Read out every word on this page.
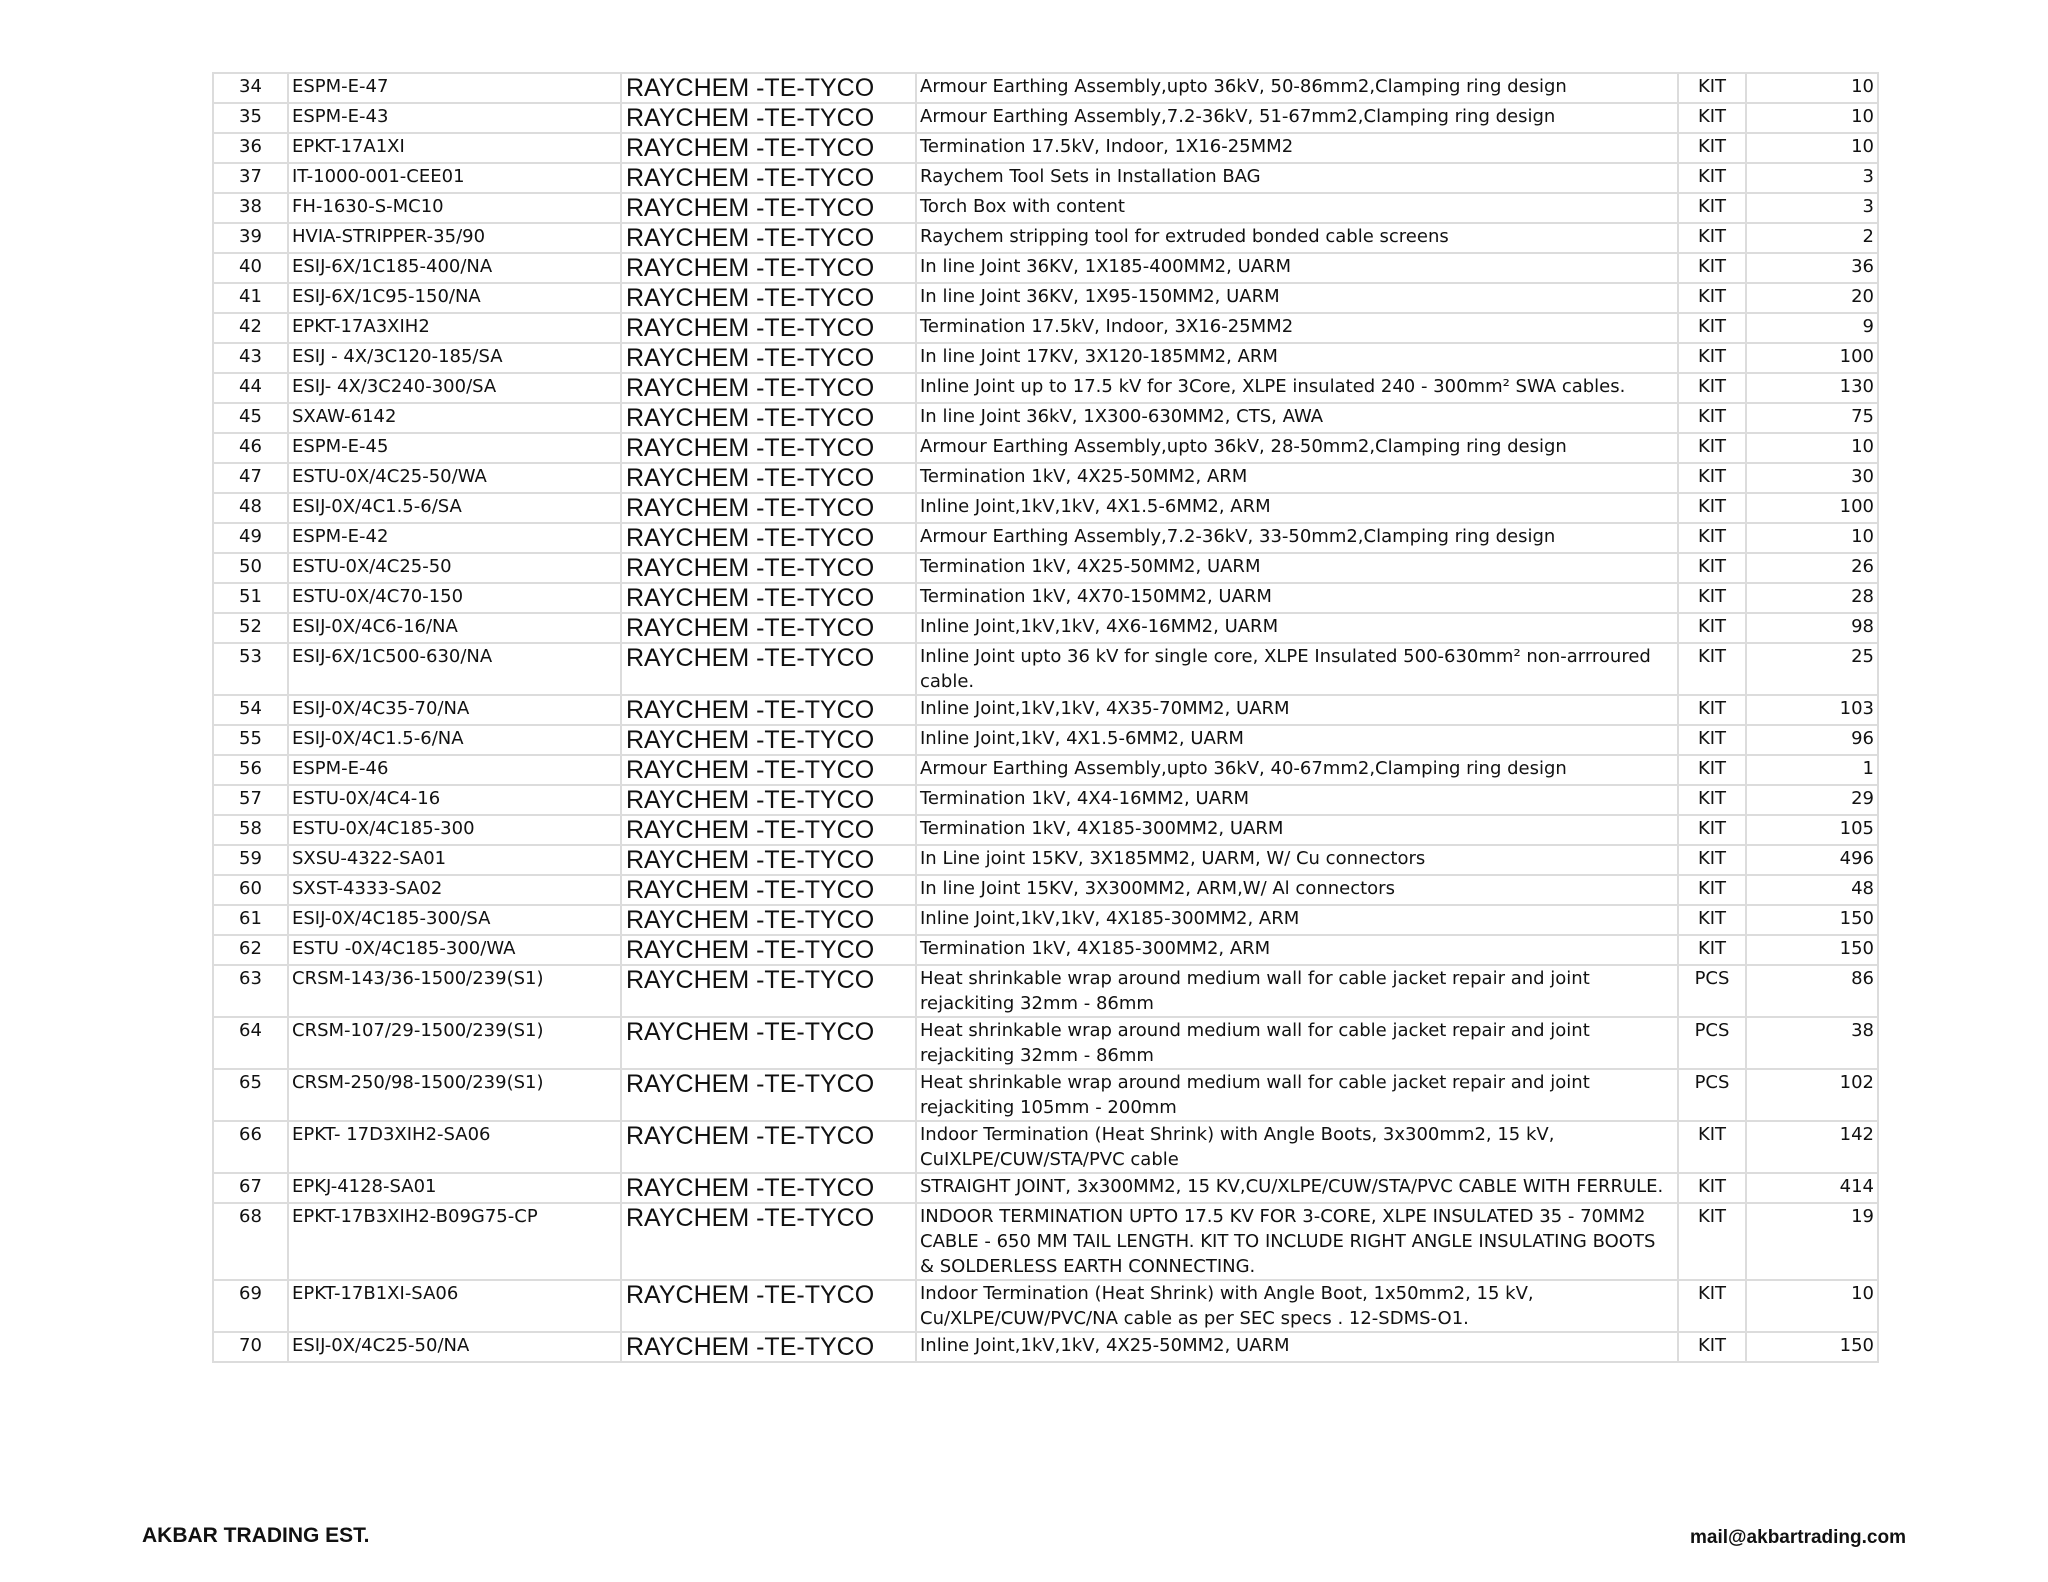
34	ESPM-E-47	RAYCHEM -TE-TYCO	Armour Earthing Assembly,upto 36kV, 50-86mm2,Clamping ring design	KIT	10
35	ESPM-E-43	RAYCHEM -TE-TYCO	Armour Earthing Assembly,7.2-36kV, 51-67mm2,Clamping ring design	KIT	10
36	EPKT-17A1XI	RAYCHEM -TE-TYCO	Termination 17.5kV, Indoor, 1X16-25MM2	KIT	10
37	IT-1000-001-CEE01	RAYCHEM -TE-TYCO	Raychem Tool Sets in Installation BAG	KIT	3
38	FH-1630-S-MC10	RAYCHEM -TE-TYCO	Torch Box with content	KIT	3
39	HVIA-STRIPPER-35/90	RAYCHEM -TE-TYCO	Raychem stripping tool for extruded bonded cable screens	KIT	2
40	ESIJ-6X/1C185-400/NA	RAYCHEM -TE-TYCO	In line Joint 36KV, 1X185-400MM2, UARM	KIT	36
41	ESIJ-6X/1C95-150/NA	RAYCHEM -TE-TYCO	In line Joint 36KV, 1X95-150MM2, UARM	KIT	20
42	EPKT-17A3XIH2	RAYCHEM -TE-TYCO	Termination 17.5kV, Indoor, 3X16-25MM2	KIT	9
43	ESIJ - 4X/3C120-185/SA	RAYCHEM -TE-TYCO	In line Joint 17KV, 3X120-185MM2, ARM	KIT	100
44	ESIJ- 4X/3C240-300/SA	RAYCHEM -TE-TYCO	Inline Joint up to 17.5 kV for 3Core, XLPE insulated 240 - 300mm² SWA cables.	KIT	130
45	SXAW-6142	RAYCHEM -TE-TYCO	In line Joint 36kV, 1X300-630MM2, CTS, AWA	KIT	75
46	ESPM-E-45	RAYCHEM -TE-TYCO	Armour Earthing Assembly,upto 36kV, 28-50mm2,Clamping ring design	KIT	10
47	ESTU-0X/4C25-50/WA	RAYCHEM -TE-TYCO	Termination 1kV, 4X25-50MM2, ARM	KIT	30
48	ESIJ-0X/4C1.5-6/SA	RAYCHEM -TE-TYCO	Inline Joint,1kV,1kV, 4X1.5-6MM2, ARM	KIT	100
49	ESPM-E-42	RAYCHEM -TE-TYCO	Armour Earthing Assembly,7.2-36kV, 33-50mm2,Clamping ring design	KIT	10
50	ESTU-0X/4C25-50	RAYCHEM -TE-TYCO	Termination 1kV, 4X25-50MM2, UARM	KIT	26
51	ESTU-0X/4C70-150	RAYCHEM -TE-TYCO	Termination 1kV, 4X70-150MM2, UARM	KIT	28
52	ESIJ-0X/4C6-16/NA	RAYCHEM -TE-TYCO	Inline Joint,1kV,1kV, 4X6-16MM2, UARM	KIT	98
53	ESIJ-6X/1C500-630/NA	RAYCHEM -TE-TYCO	Inline Joint upto 36 kV for single core, XLPE Insulated 500-630mm² non-arrroured cable.	KIT	25
54	ESIJ-0X/4C35-70/NA	RAYCHEM -TE-TYCO	Inline Joint,1kV,1kV, 4X35-70MM2, UARM	KIT	103
55	ESIJ-0X/4C1.5-6/NA	RAYCHEM -TE-TYCO	Inline Joint,1kV, 4X1.5-6MM2, UARM	KIT	96
56	ESPM-E-46	RAYCHEM -TE-TYCO	Armour Earthing Assembly,upto 36kV, 40-67mm2,Clamping ring design	KIT	1
57	ESTU-0X/4C4-16	RAYCHEM -TE-TYCO	Termination 1kV, 4X4-16MM2, UARM	KIT	29
58	ESTU-0X/4C185-300	RAYCHEM -TE-TYCO	Termination 1kV, 4X185-300MM2, UARM	KIT	105
59	SXSU-4322-SA01	RAYCHEM -TE-TYCO	In Line joint 15KV, 3X185MM2, UARM, W/ Cu connectors	KIT	496
60	SXST-4333-SA02	RAYCHEM -TE-TYCO	In line Joint 15KV, 3X300MM2, ARM,W/ Al connectors	KIT	48
61	ESIJ-0X/4C185-300/SA	RAYCHEM -TE-TYCO	Inline Joint,1kV,1kV, 4X185-300MM2, ARM	KIT	150
62	ESTU -0X/4C185-300/WA	RAYCHEM -TE-TYCO	Termination 1kV, 4X185-300MM2, ARM	KIT	150
63	CRSM-143/36-1500/239(S1)	RAYCHEM -TE-TYCO	Heat shrinkable wrap around medium wall for cable jacket repair and joint rejackiting 32mm - 86mm	PCS	86
64	CRSM-107/29-1500/239(S1)	RAYCHEM -TE-TYCO	Heat shrinkable wrap around medium wall for cable jacket repair and joint rejackiting 32mm - 86mm	PCS	38
65	CRSM-250/98-1500/239(S1)	RAYCHEM -TE-TYCO	Heat shrinkable wrap around medium wall for cable jacket repair and joint rejackiting 105mm - 200mm	PCS	102
66	EPKT- 17D3XIH2-SA06	RAYCHEM -TE-TYCO	Indoor Termination (Heat Shrink) with Angle Boots, 3x300mm2, 15 kV, CuIXLPE/CUW/STA/PVC cable	KIT	142
67	EPKJ-4128-SA01	RAYCHEM -TE-TYCO	STRAIGHT JOINT, 3x300MM2, 15 KV,CU/XLPE/CUW/STA/PVC CABLE WITH FERRULE.	KIT	414
68	EPKT-17B3XIH2-B09G75-CP	RAYCHEM -TE-TYCO	INDOOR TERMINATION UPTO 17.5 KV FOR 3-CORE, XLPE INSULATED 35 - 70MM2 CABLE - 650 MM TAIL LENGTH. KIT TO INCLUDE RIGHT ANGLE INSULATING BOOTS & SOLDERLESS EARTH CONNECTING.	KIT	19
69	EPKT-17B1XI-SA06	RAYCHEM -TE-TYCO	Indoor Termination (Heat Shrink) with Angle Boot, 1x50mm2, 15 kV, Cu/XLPE/CUW/PVC/NA cable as per SEC specs . 12-SDMS-O1.	KIT	10
70	ESIJ-0X/4C25-50/NA	RAYCHEM -TE-TYCO	Inline Joint,1kV,1kV, 4X25-50MM2, UARM	KIT	150
AKBAR TRADING EST.	mail@akbartrading.com
